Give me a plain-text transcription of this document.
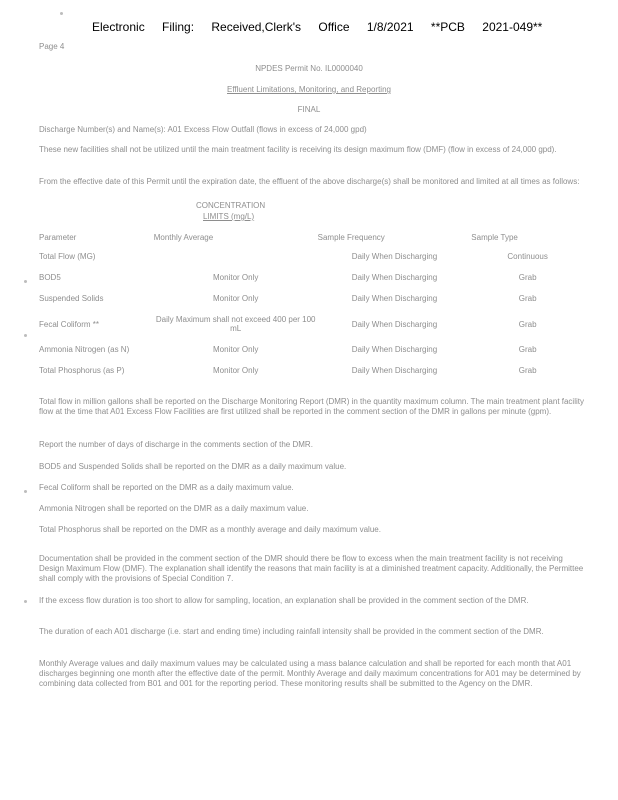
Electronic Filing: Received,Clerk's Office 1/8/2021 **PCB 2021-049**
Page 4
NPDES Permit No. IL0000040
Effluent Limitations, Monitoring, and Reporting
FINAL
Discharge Number(s) and Name(s): A01 Excess Flow Outfall (flows in excess of 24,000 gpd)
These new facilities shall not be utilized until the main treatment facility is receiving its design maximum flow (DMF) (flow in excess of 24,000 gpd).
From the effective date of this Permit until the expiration date, the effluent of the above discharge(s) shall be monitored and limited at all times as follows:
CONCENTRATION
LIMITS (mg/L)
Parameter	Monthly Average	Sample Frequency	Sample Type
Total Flow (MG)		Daily When Discharging	Continuous
BOD5	Monitor Only	Daily When Discharging	Grab
Suspended Solids	Monitor Only	Daily When Discharging	Grab
Fecal Coliform **	Daily Maximum shall not exceed 400 per 100 mL	Daily When Discharging	Grab
Ammonia Nitrogen (as N)	Monitor Only	Daily When Discharging	Grab
Total Phosphorus (as P)	Monitor Only	Daily When Discharging	Grab
Total flow in million gallons shall be reported on the Discharge Monitoring Report (DMR) in the quantity maximum column. The main treatment plant facility flow at the time that A01 Excess Flow Facilities are first utilized shall be reported in the comment section of the DMR in gallons per minute (gpm).
Report the number of days of discharge in the comments section of the DMR.
BOD5 and Suspended Solids shall be reported on the DMR as a daily maximum value.
Fecal Coliform shall be reported on the DMR as a daily maximum value.
Ammonia Nitrogen shall be reported on the DMR as a daily maximum value.
Total Phosphorus shall be reported on the DMR as a monthly average and daily maximum value.
Documentation shall be provided in the comment section of the DMR should there be flow to excess when the main treatment facility is not receiving Design Maximum Flow (DMF). The explanation shall identify the reasons that main facility is at a diminished treatment capacity. Additionally, the Permittee shall comply with the provisions of Special Condition 7.
If the excess flow duration is too short to allow for sampling, location, an explanation shall be provided in the comment section of the DMR.
The duration of each A01 discharge (i.e. start and ending time) including rainfall intensity shall be provided in the comment section of the DMR.
Monthly Average values and daily maximum values may be calculated using a mass balance calculation and shall be reported for each month that A01 discharges beginning one month after the effective date of the permit. Monthly Average and daily maximum concentrations for A01 may be determined by combining data collected from B01 and 001 for the reporting period. These monitoring results shall be submitted to the Agency on the DMR.
